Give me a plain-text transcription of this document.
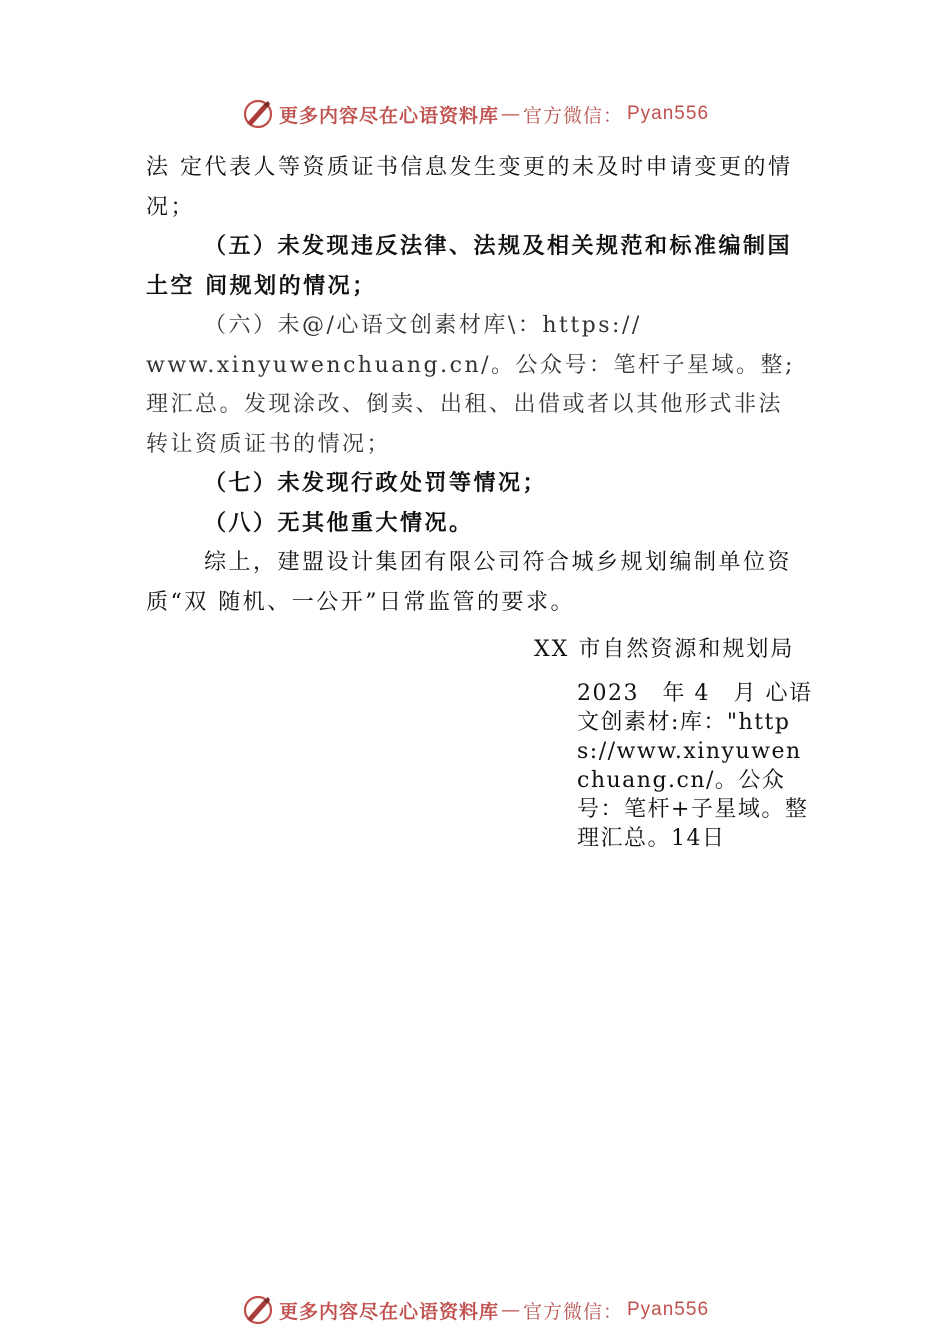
更多内容尽在心语资料库 — 官方微信： Pyan556

法 定代表人等资质证书信息发生变更的未及时申请变更的情况；

（五）未发现违反法律、法规及相关规范和标准编制国土空 间规划的情况；

（六）未@/心语文创素材库\：https://

www.xinyuwenchuang.cn/。公众号：笔杆子星域。整;理汇总。发现涂改、倒卖、出租、出借或者以其他形式非法 转让资质证书的情况；

（七）未发现行政处罚等情况；

（八）无其他重大情况。

综上，建盟设计集团有限公司符合城乡规划编制单位资质“双 随机、一公开”日常监管的要求。

XX 市自然资源和规划局
2023　年 4　月 心语文创素材:库："https://www.xinyuwenchuang.cn/。公众号：笔杆+子星域。整理汇总。14日
更多内容尽在心语资料库 — 官方微信： Pyan556
